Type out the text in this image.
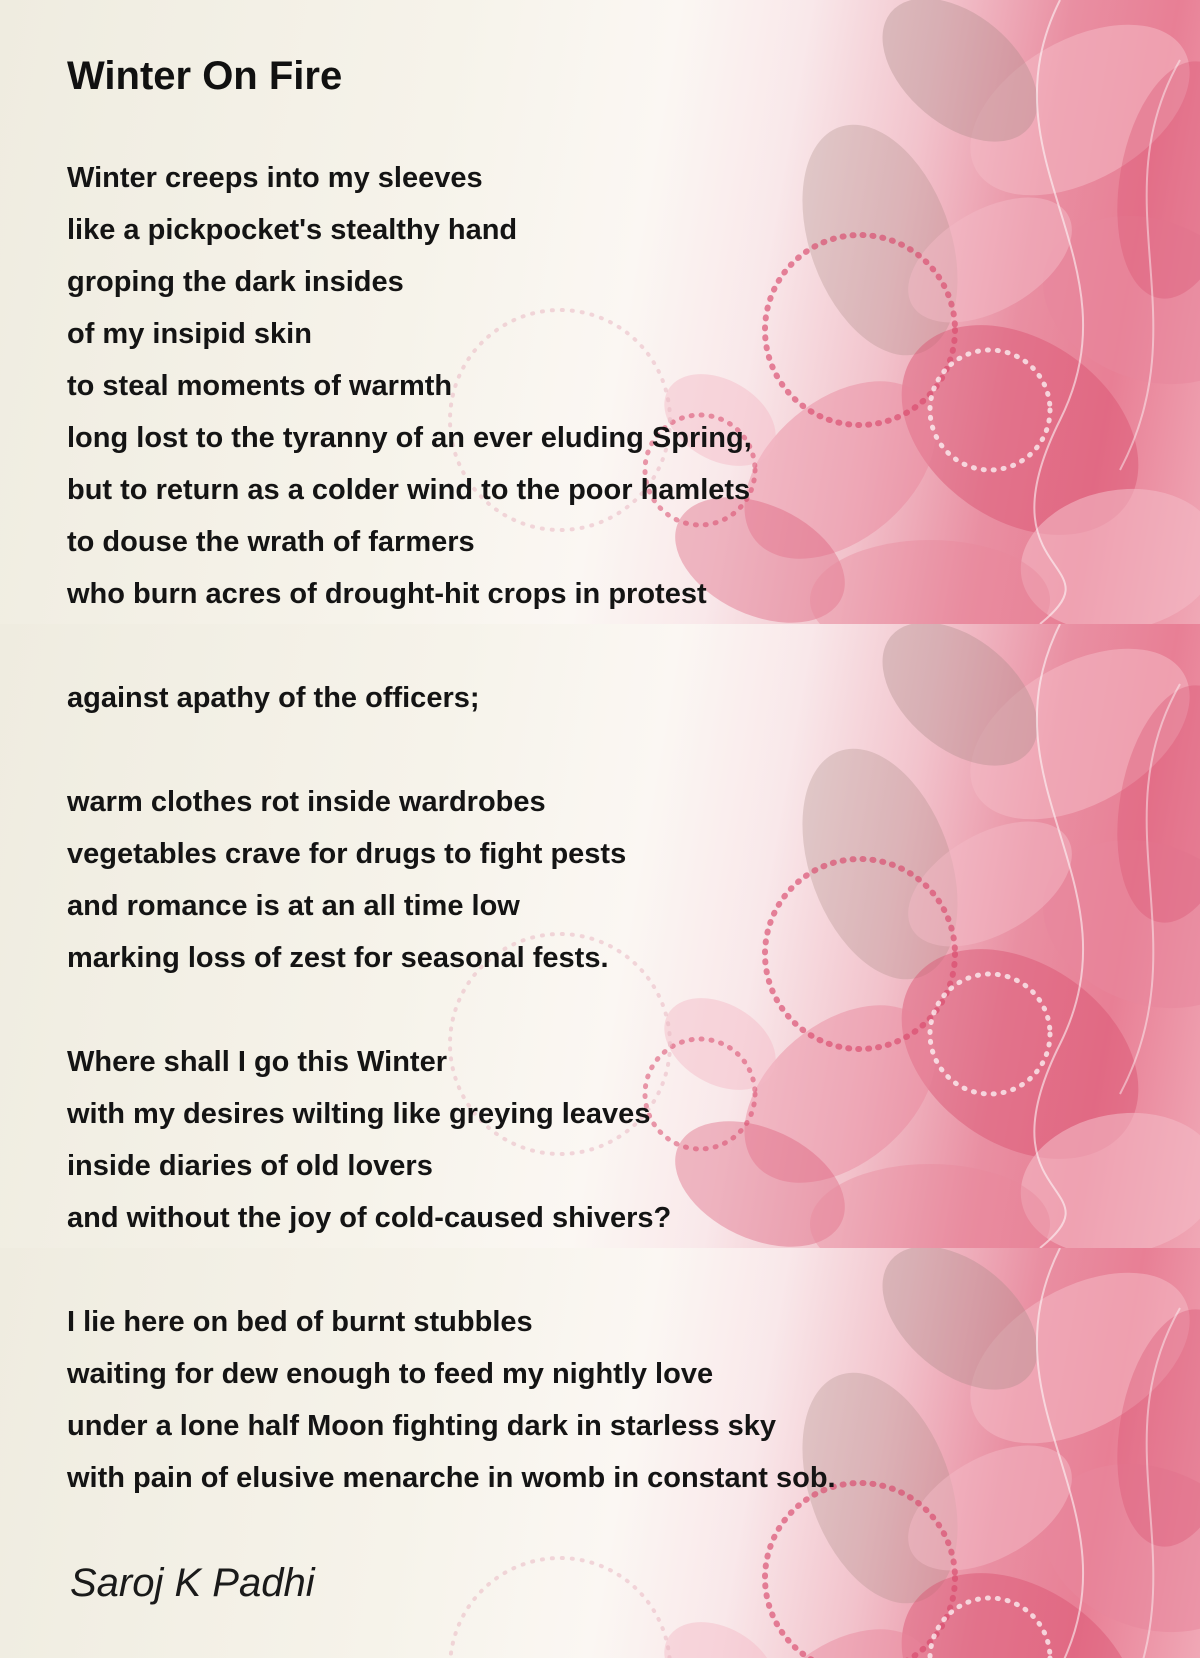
Winter On Fire
Winter creeps into my sleeves
like a pickpocket's stealthy hand
groping the dark insides
of my insipid skin
to steal moments of warmth
long lost to the tyranny of an ever eluding Spring,
but to return as a colder wind to the poor hamlets
to douse the wrath of farmers
who burn acres of drought-hit crops in protest
against apathy of the officers;
warm clothes rot inside wardrobes
vegetables crave for drugs to fight pests
and romance is at an all time low
marking loss of zest for seasonal fests.
Where shall I go this Winter
with my desires wilting like greying leaves
inside diaries of old lovers
and without the joy of cold-caused shivers?
I lie here on bed of burnt stubbles
waiting for dew enough to feed my nightly love
under a lone half Moon fighting dark in starless sky
with pain of elusive menarche in womb in constant sob.
Saroj K Padhi
